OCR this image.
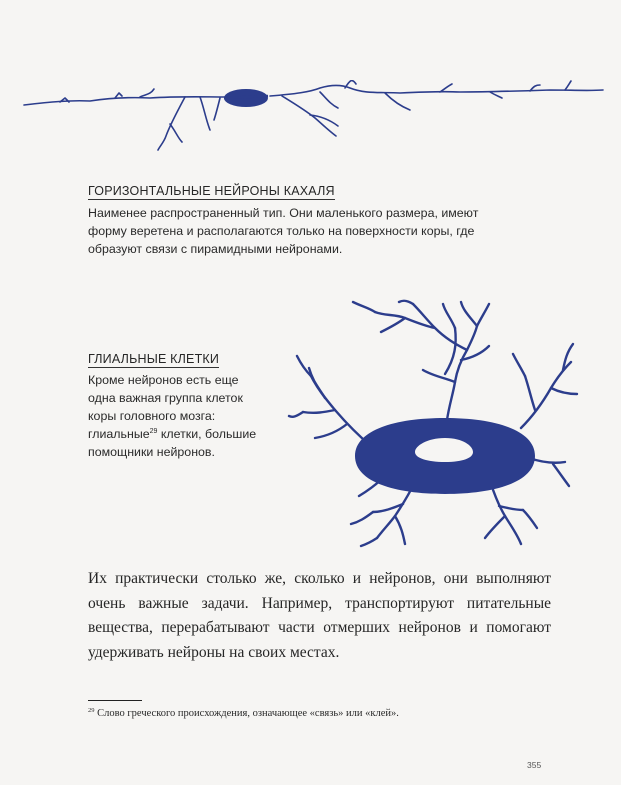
ГОРИЗОНТАЛЬНЫЕ НЕЙРОНЫ КАХАЛЯ
Наименее распространенный тип. Они маленького размера, имеют
форму веретена и располагаются только на поверхности коры, где
образуют связи с пирамидными нейронами.
ГЛИАЛЬНЫЕ КЛЕТКИ
Кроме нейронов есть еще
одна важная группа клеток
коры головного мозга:
глиальные$^{29}$ клетки, большие
помощники нейронов.

Их практически столько же, сколько и нейронов, они выполняют очень важные задачи. Например, транспортируют питательные вещества, перерабатывают части отмерших нейронов и помогают удерживать нейроны на своих местах.

$^{29}$ Слово греческого происхождения, означающее «связь» или «клей».
355
